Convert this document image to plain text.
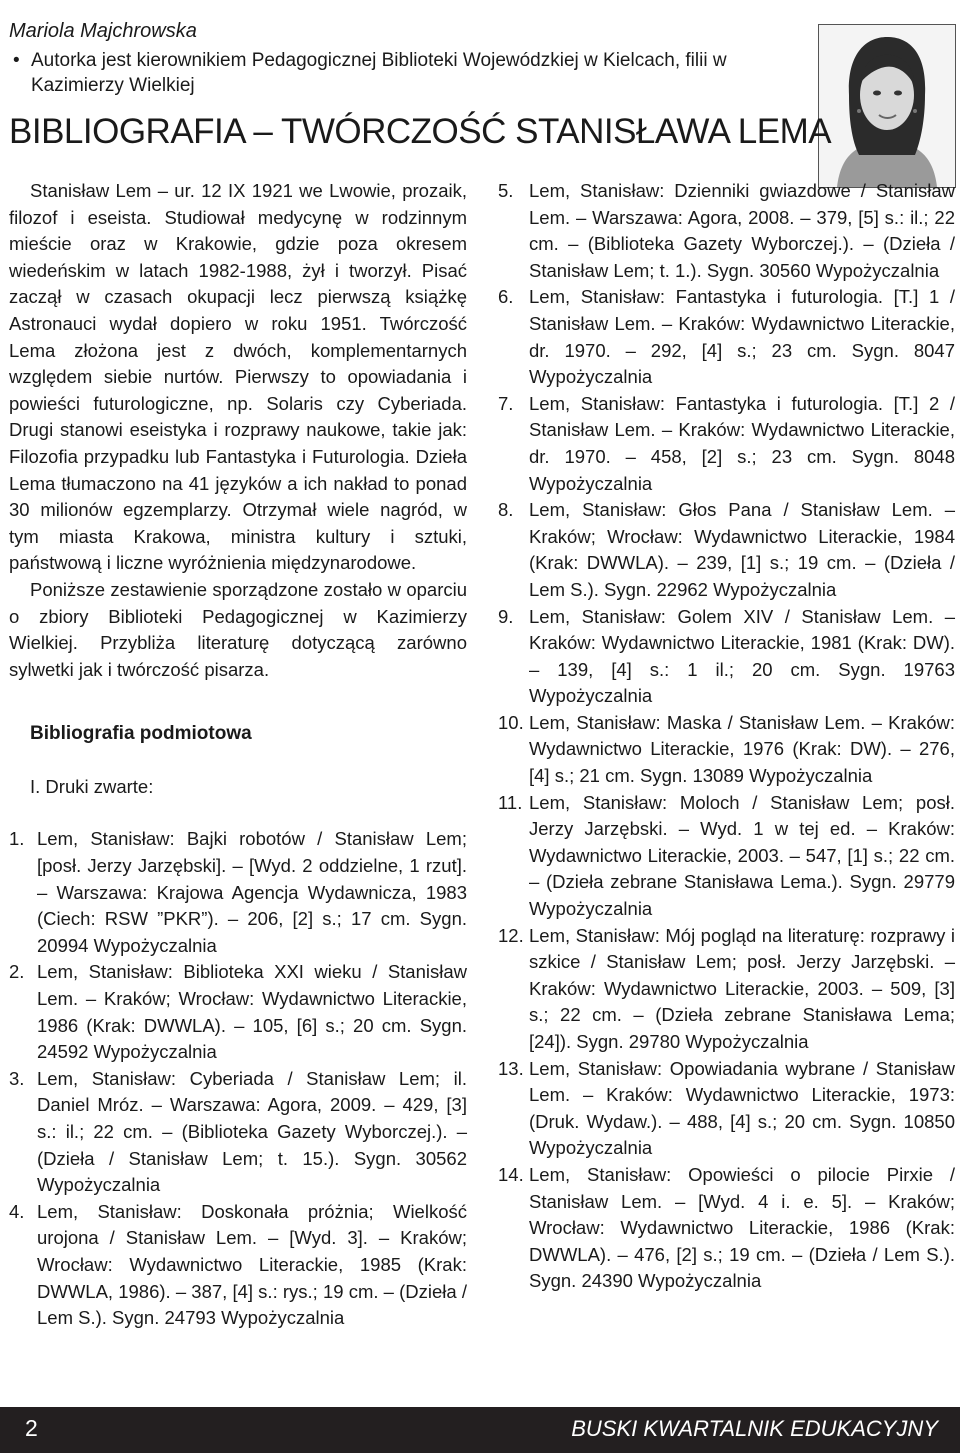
Mariola Majchrowska
• Autorka jest kierownikiem Pedagogicznej Biblioteki Wojewódzkiej w Kielcach, filii w Kazimierzy Wielkiej
BIBLIOGRAFIA – TWÓRCZOŚĆ STANISŁAWA LEMA

Stanisław Lem – ur. 12 IX 1921 we Lwowie, prozaik, filozof i eseista. Studiował medycynę w rodzinnym mieście oraz w Krakowie, gdzie poza okresem wiedeńskim w latach 1982-1988, żył i tworzył. Pisać zaczął w czasach okupacji lecz pierwszą książkę Astronauci wydał dopiero w roku 1951. Twórczość Lema złożona jest z dwóch, komplementarnych względem siebie nurtów. Pierwszy to opowiadania i powieści futurologiczne, np. Solaris czy Cyberiada. Drugi stanowi eseistyka i rozprawy naukowe, takie jak: Filozofia przypadku lub Fantastyka i Futurologia. Dzieła Lema tłumaczono na 41 języków a ich nakład to ponad 30 milionów egzemplarzy. Otrzymał wiele nagród, w tym miasta Krakowa, ministra kultury i sztuki, państwową i liczne wyróżnienia międzynarodowe.

Poniższe zestawienie sporządzone zostało w oparciu o zbiory Biblioteki Pedagogicznej w Kazimierzy Wielkiej. Przybliża literaturę dotyczącą zarówno sylwetki jak i twórczość pisarza.

Bibliografia podmiotowa

I. Druki zwarte:

1. Lem, Stanisław: Bajki robotów / Stanisław Lem; [posł. Jerzy Jarzębski]. – [Wyd. 2 oddzielne, 1 rzut]. – Warszawa: Krajowa Agencja Wydawnicza, 1983 (Ciech: RSW ”PKR”). – 206, [2] s.; 17 cm. Sygn. 20994 Wypożyczalnia
2. Lem, Stanisław: Biblioteka XXI wieku / Stanisław Lem. – Kraków; Wrocław: Wydawnictwo Literackie, 1986 (Krak: DWWLA). – 105, [6] s.; 20 cm. Sygn. 24592 Wypożyczalnia
3. Lem, Stanisław: Cyberiada / Stanisław Lem; il. Daniel Mróz. – Warszawa: Agora, 2009. – 429, [3] s.: il.; 22 cm. – (Biblioteka Gazety Wyborczej.). – (Dzieła / Stanisław Lem; t. 15.). Sygn. 30562 Wypożyczalnia
4. Lem, Stanisław: Doskonała próżnia; Wielkość urojona / Stanisław Lem. – [Wyd. 3]. – Kraków; Wrocław: Wydawnictwo Literackie, 1985 (Krak: DWWLA, 1986). – 387, [4] s.: rys.; 19 cm. – (Dzieła / Lem S.). Sygn. 24793 Wypożyczalnia
5. Lem, Stanisław: Dzienniki gwiazdowe / Stanisław Lem. – Warszawa: Agora, 2008. – 379, [5] s.: il.; 22 cm. – (Biblioteka Gazety Wyborczej.). – (Dzieła / Stanisław Lem; t. 1.). Sygn. 30560 Wypożyczalnia
6. Lem, Stanisław: Fantastyka i futurologia. [T.] 1 / Stanisław Lem. – Kraków: Wydawnictwo Literackie, dr. 1970. – 292, [4] s.; 23 cm. Sygn. 8047 Wypożyczalnia
7. Lem, Stanisław: Fantastyka i futurologia. [T.] 2 / Stanisław Lem. – Kraków: Wydawnictwo Literackie, dr. 1970. – 458, [2] s.; 23 cm. Sygn. 8048 Wypożyczalnia
8. Lem, Stanisław: Głos Pana / Stanisław Lem. – Kraków; Wrocław: Wydawnictwo Literackie, 1984 (Krak: DWWLA). – 239, [1] s.; 19 cm. – (Dzieła / Lem S.). Sygn. 22962 Wypożyczalnia
9. Lem, Stanisław: Golem XIV / Stanisław Lem. – Kraków: Wydawnictwo Literackie, 1981 (Krak: DW). – 139, [4] s.: 1 il.; 20 cm. Sygn. 19763 Wypożyczalnia
10. Lem, Stanisław: Maska / Stanisław Lem. – Kraków: Wydawnictwo Literackie, 1976 (Krak: DW). – 276, [4] s.; 21 cm. Sygn. 13089 Wypożyczalnia
11. Lem, Stanisław: Moloch / Stanisław Lem; posł. Jerzy Jarzębski. – Wyd. 1 w tej ed. – Kraków: Wydawnictwo Literackie, 2003. – 547, [1] s.; 22 cm. – (Dzieła zebrane Stanisława Lema.). Sygn. 29779 Wypożyczalnia
12. Lem, Stanisław: Mój pogląd na literaturę: rozprawy i szkice / Stanisław Lem; posł. Jerzy Jarzębski. – Kraków: Wydawnictwo Literackie, 2003. – 509, [3] s.; 22 cm. – (Dzieła zebrane Stanisława Lema; [24]). Sygn. 29780 Wypożyczalnia
13. Lem, Stanisław: Opowiadania wybrane / Stanisław Lem. – Kraków: Wydawnictwo Literackie, 1973: (Druk. Wydaw.). – 488, [4] s.; 20 cm. Sygn. 10850 Wypożyczalnia
14. Lem, Stanisław: Opowieści o pilocie Pirxie / Stanisław Lem. – [Wyd. 4 i. e. 5]. – Kraków; Wrocław: Wydawnictwo Literackie, 1986 (Krak: DWWLA). – 476, [2] s.; 19 cm. – (Dzieła / Lem S.). Sygn. 24390 Wypożyczalnia
2	BUSKI KWARTALNIK EDUKACYJNY
